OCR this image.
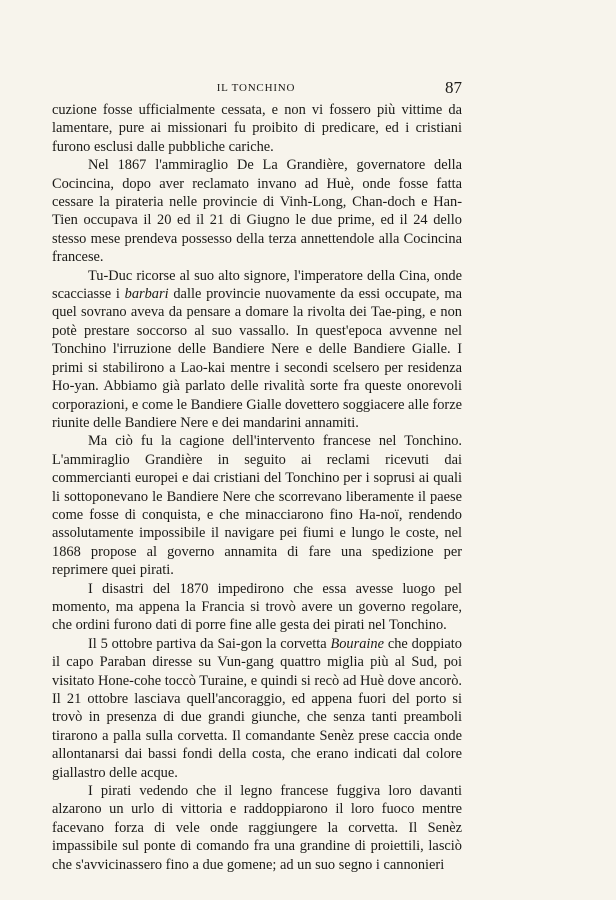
IL TONCHINO	87

cuzione fosse ufficialmente cessata, e non vi fossero più vittime da lamentare, pure ai missionari fu proibito di predicare, ed i cristiani furono esclusi dalle pubbliche cariche.

Nel 1867 l'ammiraglio De La Grandière, governatore della Cocincina, dopo aver reclamato invano ad Huè, onde fosse fatta cessare la pirateria nelle provincie di Vinh-Long, Chan-doch e Han-Tien occupava il 20 ed il 21 di Giugno le due prime, ed il 24 dello stesso mese prendeva possesso della terza annettendole alla Cocincina francese.

Tu-Duc ricorse al suo alto signore, l'imperatore della Cina, onde scacciasse i barbari dalle provincie nuovamente da essi occupate, ma quel sovrano aveva da pensare a domare la rivolta dei Tae-ping, e non potè prestare soccorso al suo vassallo. In quest'epoca avvenne nel Tonchino l'irruzione delle Bandiere Nere e delle Bandiere Gialle. I primi si stabilirono a Lao-kai mentre i secondi scelsero per residenza Ho-yan. Abbiamo già parlato delle rivalità sorte fra queste onorevoli corporazioni, e come le Bandiere Gialle dovettero soggiacere alle forze riunite delle Bandiere Nere e dei mandarini annamiti.

Ma ciò fu la cagione dell'intervento francese nel Tonchino. L'ammiraglio Grandière in seguito ai reclami ricevuti dai commercianti europei e dai cristiani del Tonchino per i soprusi ai quali li sottoponevano le Bandiere Nere che scorrevano liberamente il paese come fosse di conquista, e che minacciarono fino Ha-noï, rendendo assolutamente impossibile il navigare pei fiumi e lungo le coste, nel 1868 propose al governo annamita di fare una spedizione per reprimere quei pirati.

I disastri del 1870 impedirono che essa avesse luogo pel momento, ma appena la Francia si trovò avere un governo regolare, che ordini furono dati di porre fine alle gesta dei pirati nel Tonchino.

Il 5 ottobre partiva da Sai-gon la corvetta Bouraine che doppiato il capo Paraban diresse su Vun-gang quattro miglia più al Sud, poi visitato Hone-cohe toccò Turaine, e quindi si recò ad Huè dove ancorò. Il 21 ottobre lasciava quell'ancoraggio, ed appena fuori del porto si trovò in presenza di due grandi giunche, che senza tanti preamboli tirarono a palla sulla corvetta. Il comandante Senèz prese caccia onde allontanarsi dai bassi fondi della costa, che erano indicati dal colore giallastro delle acque.

I pirati vedendo che il legno francese fuggiva loro davanti alzarono un urlo di vittoria e raddoppiarono il loro fuoco mentre facevano forza di vele onde raggiungere la corvetta. Il Senèz impassibile sul ponte di comando fra una grandine di proiettili, lasciò che s'avvicinassero fino a due gomene; ad un suo segno i cannonieri
